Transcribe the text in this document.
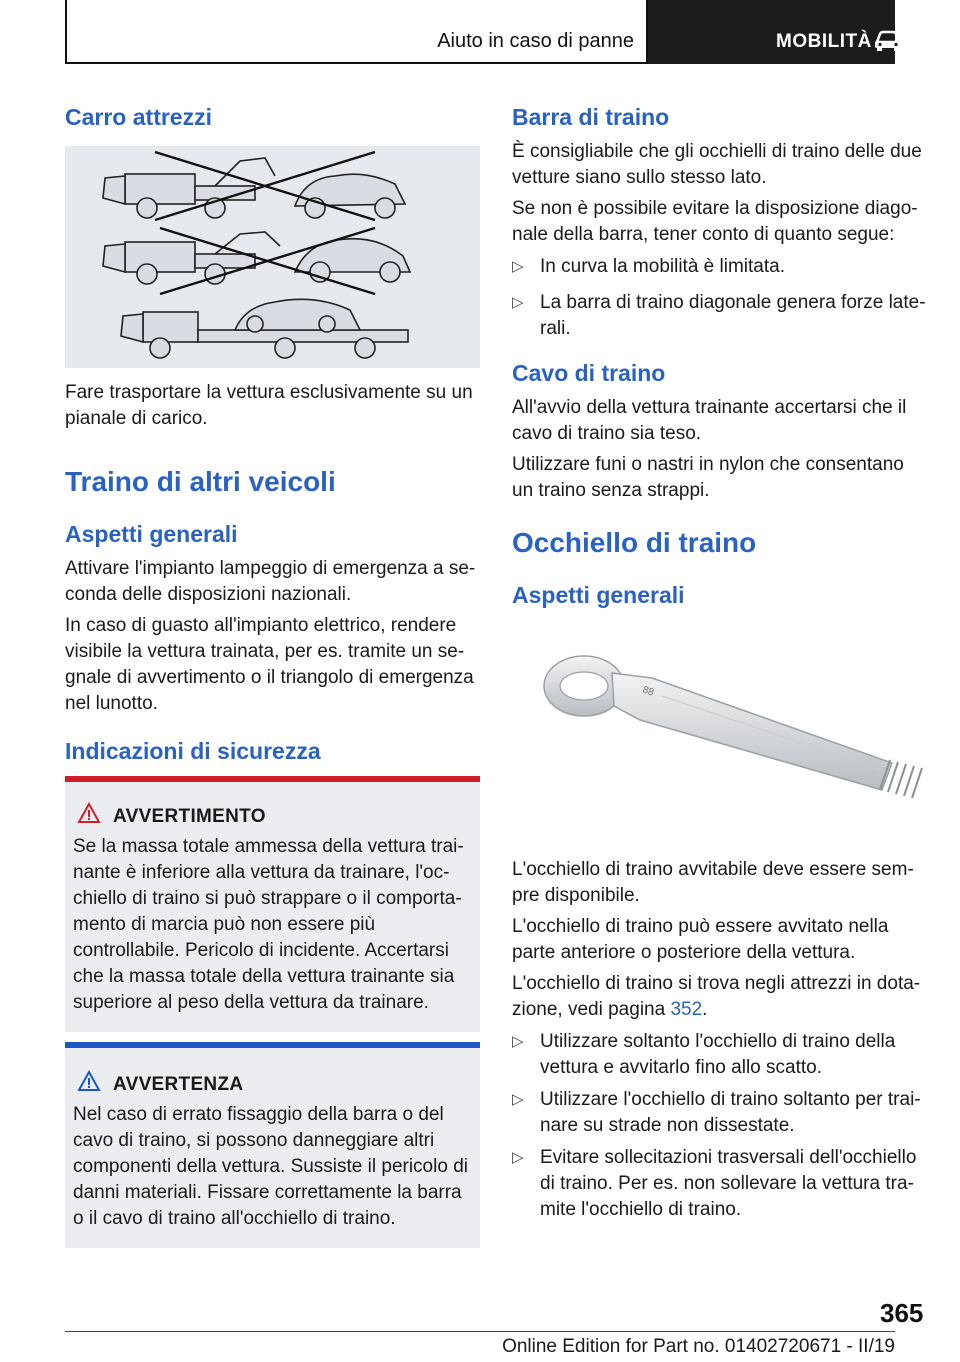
Aiuto in caso di panne	MOBILITÀ
Carro attrezzi

Fare trasportare la vettura esclusivamente su un pianale di carico.

Traino di altri veicoli
Aspetti generali

Attivare l'impianto lampeggio di emergenza a seconda delle disposizioni nazionali.

In caso di guasto all'impianto elettrico, rendere visibile la vettura trainata, per es. tramite un segnale di avvertimento o il triangolo di emergenza nel lunotto.

Indicazioni di sicurezza
AVVERTIMENTO

Se la massa totale ammessa della vettura trainante è inferiore alla vettura da trainare, l'occhiello di traino si può strappare o il comportamento di marcia può non essere più controllabile. Pericolo di incidente. Accertarsi che la massa totale della vettura trainante sia superiore al peso della vettura da trainare.

AVVERTENZA

Nel caso di errato fissaggio della barra o del cavo di traino, si possono danneggiare altri componenti della vettura. Sussiste il pericolo di danni materiali. Fissare correttamente la barra o il cavo di traino all'occhiello di traino.

Barra di traino

È consigliabile che gli occhielli di traino delle due vetture siano sullo stesso lato.

Se non è possibile evitare la disposizione diagonale della barra, tener conto di quanto segue:

▷ In curva la mobilità è limitata.
▷ La barra di traino diagonale genera forze laterali.
Cavo di traino

All'avvio della vettura trainante accertarsi che il cavo di traino sia teso.

Utilizzare funi o nastri in nylon che consentano un traino senza strappi.

Occhiello di traino
Aspetti generali
88

L'occhiello di traino avvitabile deve essere sempre disponibile.

L'occhiello di traino può essere avvitato nella parte anteriore o posteriore della vettura.

L'occhiello di traino si trova negli attrezzi in dotazione, vedi pagina 352.

▷ Utilizzare soltanto l'occhiello di traino della vettura e avvitarlo fino allo scatto.
▷ Utilizzare l'occhiello di traino soltanto per trainare su strade non dissestate.
▷ Evitare sollecitazioni trasversali dell'occhiello di traino. Per es. non sollevare la vettura tramite l'occhiello di traino.
365
Online Edition for Part no. 01402720671 - II/19
